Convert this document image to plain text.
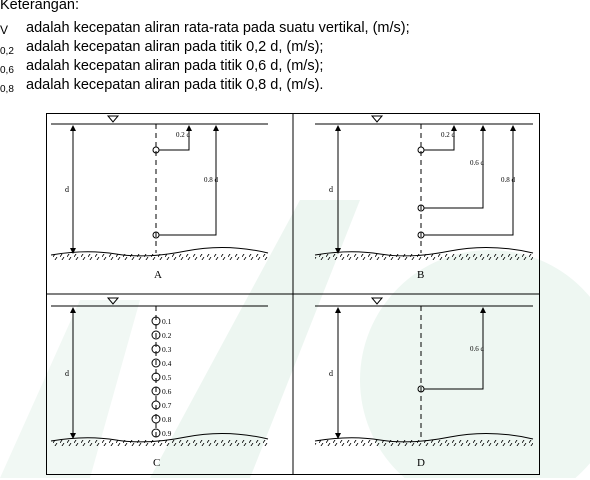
Keterangan:
V adalah kecepatan aliran rata-rata pada suatu vertikal, (m/s);
0,2 adalah kecepatan aliran pada titik 0,2 d, (m/s);
0,6 adalah kecepatan aliran pada titik 0,6 d, (m/s);
0,8 adalah kecepatan aliran pada titik 0,8 d, (m/s).
d
0.2 d
0.8 d
A
d
0.2 d
0.6 d
0.8 d
B
d
0.1
0.2
0.3
0.4
0.5
0.6
0.7
0.8
0.9
C
d
0.6 d
D
